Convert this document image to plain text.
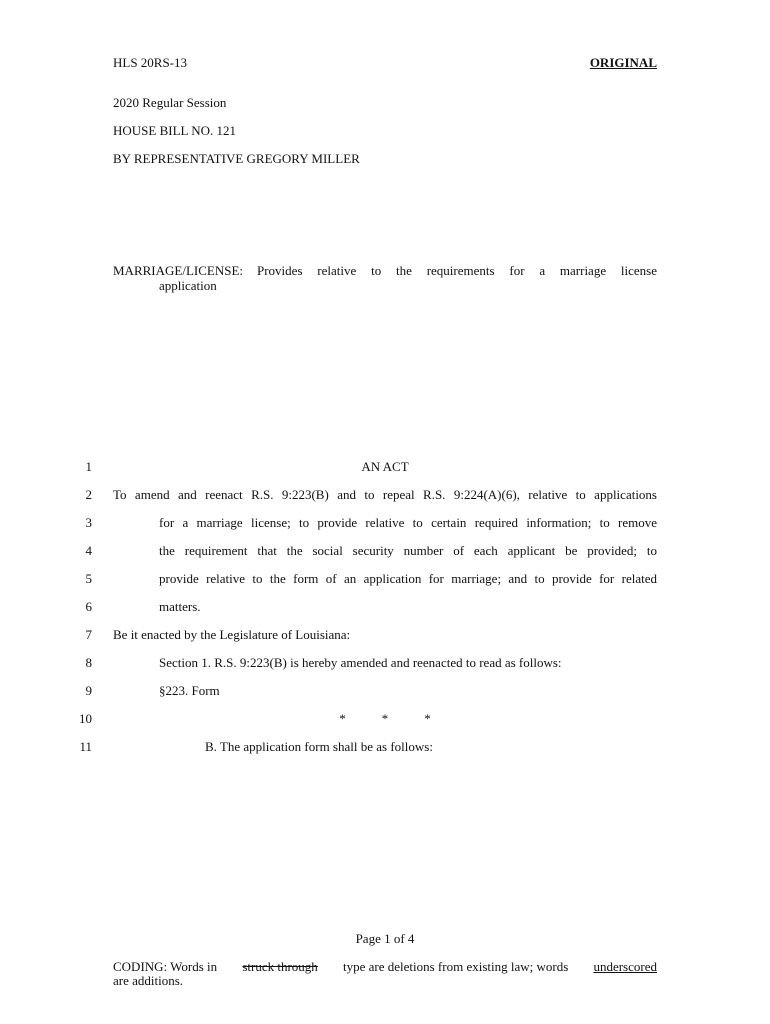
HLS 20RS-13	ORIGINAL
2020 Regular Session
HOUSE BILL NO. 121
BY REPRESENTATIVE GREGORY MILLER
MARRIAGE/LICENSE: Provides relative to the requirements for a marriage license
application
1	AN ACT
2 To amend and reenact R.S. 9:223(B) and to repeal R.S. 9:224(A)(6), relative to applications
3	for a marriage license; to provide relative to certain required information; to remove
4	the requirement that the social security number of each applicant be provided; to
5	provide relative to the form of an application for marriage; and to provide for related
6	matters.
7 Be it enacted by the Legislature of Louisiana:
8	Section 1. R.S. 9:223(B) is hereby amended and reenacted to read as follows:
9	§223. Form
10	*	*	*
11	B. The application form shall be as follows:
Page 1 of 4
CODING: Words in struck through type are deletions from existing law; words underscored
are additions.
